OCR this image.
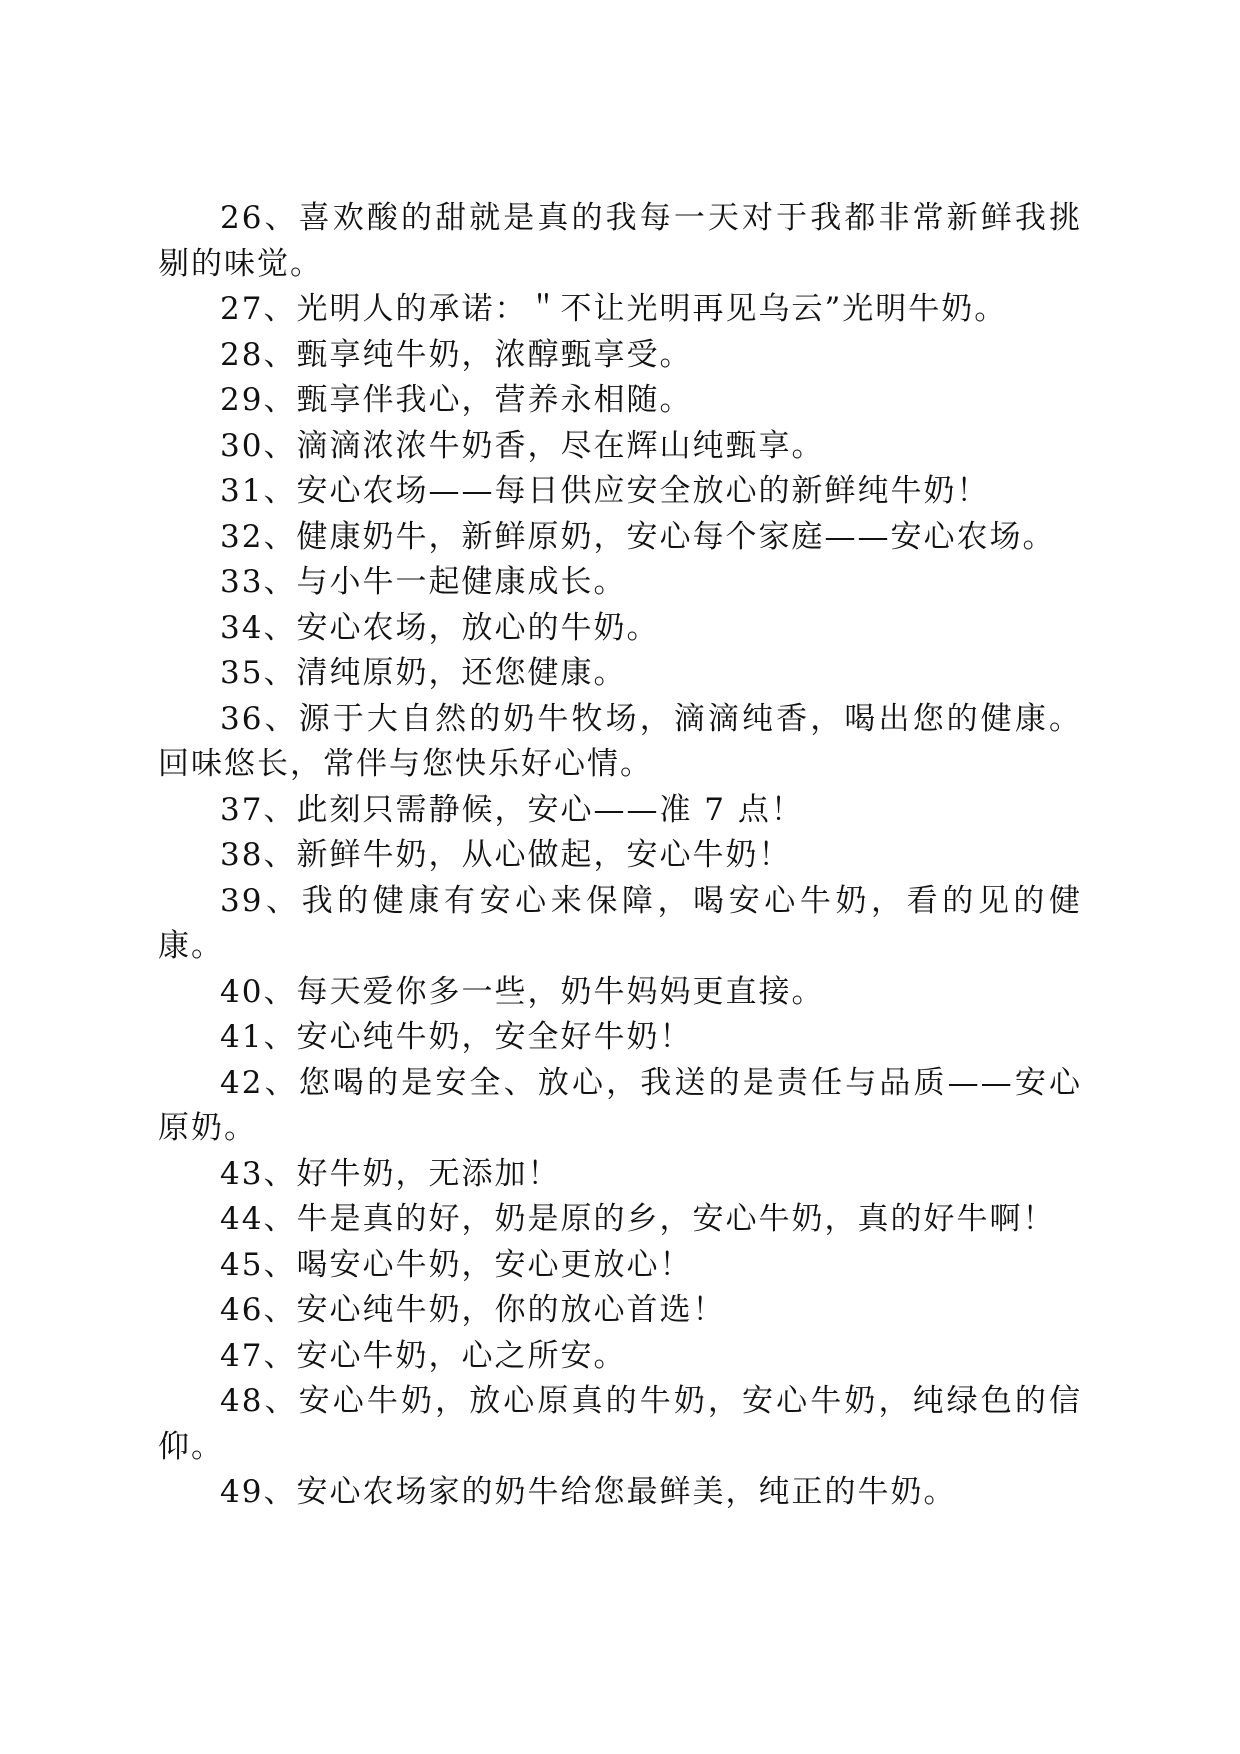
26、喜欢酸的甜就是真的我每一天对于我都非常新鲜我挑剔的味觉。

27、光明人的承诺：＂不让光明再见乌云”光明牛奶。

28、甄享纯牛奶，浓醇甄享受。

29、甄享伴我心，营养永相随。

30、滴滴浓浓牛奶香，尽在辉山纯甄享。

31、安心农场——每日供应安全放心的新鲜纯牛奶！

32、健康奶牛，新鲜原奶，安心每个家庭——安心农场。

33、与小牛一起健康成长。

34、安心农场，放心的牛奶。

35、清纯原奶，还您健康。

36、源于大自然的奶牛牧场，滴滴纯香，喝出您的健康。回味悠长，常伴与您快乐好心情。

37、此刻只需静候，安心——准 7 点！

38、新鲜牛奶，从心做起，安心牛奶！

39、我的健康有安心来保障，喝安心牛奶，看的见的健康。

40、每天爱你多一些，奶牛妈妈更直接。

41、安心纯牛奶，安全好牛奶！

42、您喝的是安全、放心，我送的是责任与品质——安心原奶。

43、好牛奶，无添加！

44、牛是真的好，奶是原的乡，安心牛奶，真的好牛啊！

45、喝安心牛奶，安心更放心！

46、安心纯牛奶，你的放心首选！

47、安心牛奶，心之所安。

48、安心牛奶，放心原真的牛奶，安心牛奶，纯绿色的信仰。

49、安心农场家的奶牛给您最鲜美，纯正的牛奶。
